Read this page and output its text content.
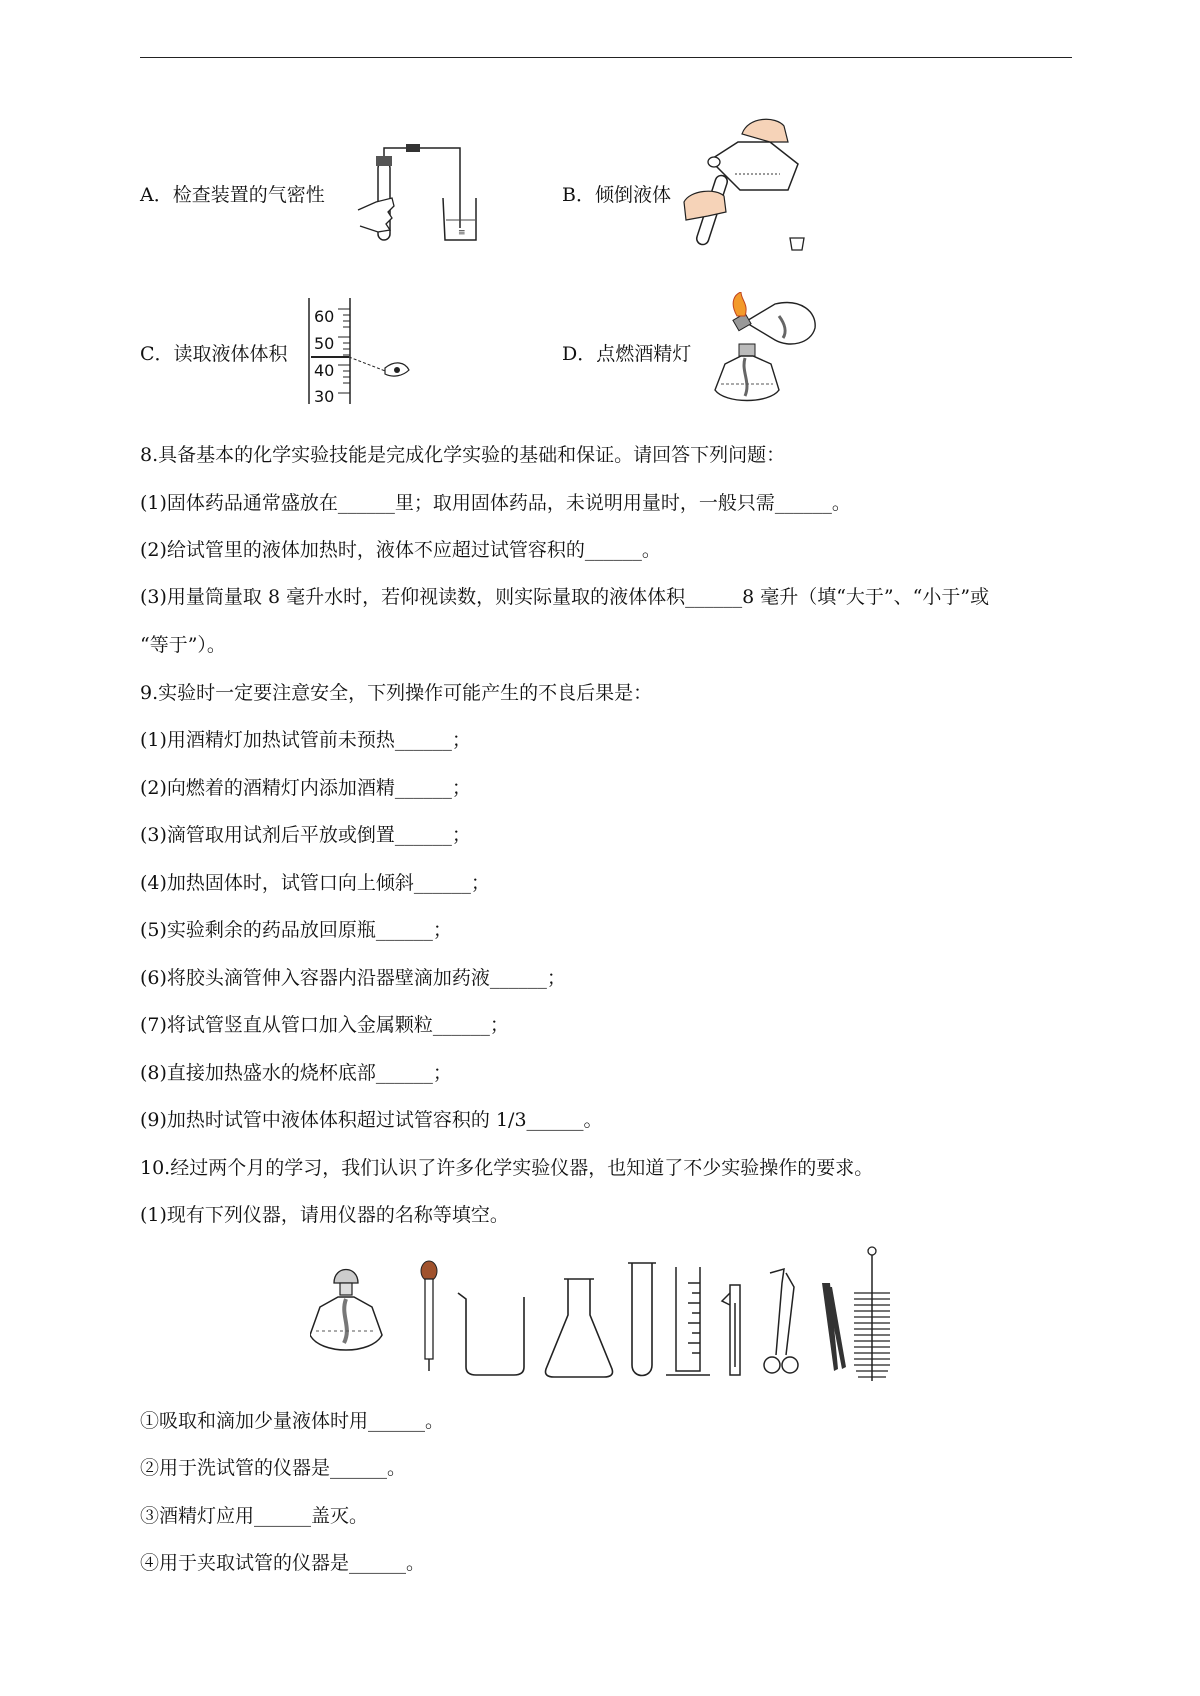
A．检查装置的气密性
≡
B．倾倒液体
C．读取液体体积
60
50
40
30
D．点燃酒精灯
8.具备基本的化学实验技能是完成化学实验的基础和保证。请回答下列问题：
(1)固体药品通常盛放在______里；取用固体药品，未说明用量时，一般只需______。
(2)给试管里的液体加热时，液体不应超过试管容积的______。
(3)用量筒量取 8 毫升水时，若仰视读数，则实际量取的液体体积______8 毫升（填“大于”、“小于”或
“等于”）。
9.实验时一定要注意安全，下列操作可能产生的不良后果是：
(1)用酒精灯加热试管前未预热______；
(2)向燃着的酒精灯内添加酒精______；
(3)滴管取用试剂后平放或倒置______；
(4)加热固体时，试管口向上倾斜______；
(5)实验剩余的药品放回原瓶______；
(6)将胶头滴管伸入容器内沿器壁滴加药液______；
(7)将试管竖直从管口加入金属颗粒______；
(8)直接加热盛水的烧杯底部______；
(9)加热时试管中液体体积超过试管容积的 1/3______。
10.经过两个月的学习，我们认识了许多化学实验仪器，也知道了不少实验操作的要求。
(1)现有下列仪器，请用仪器的名称等填空。
①吸取和滴加少量液体时用______。
②用于洗试管的仪器是______。
③酒精灯应用______盖灭。
④用于夹取试管的仪器是______。
